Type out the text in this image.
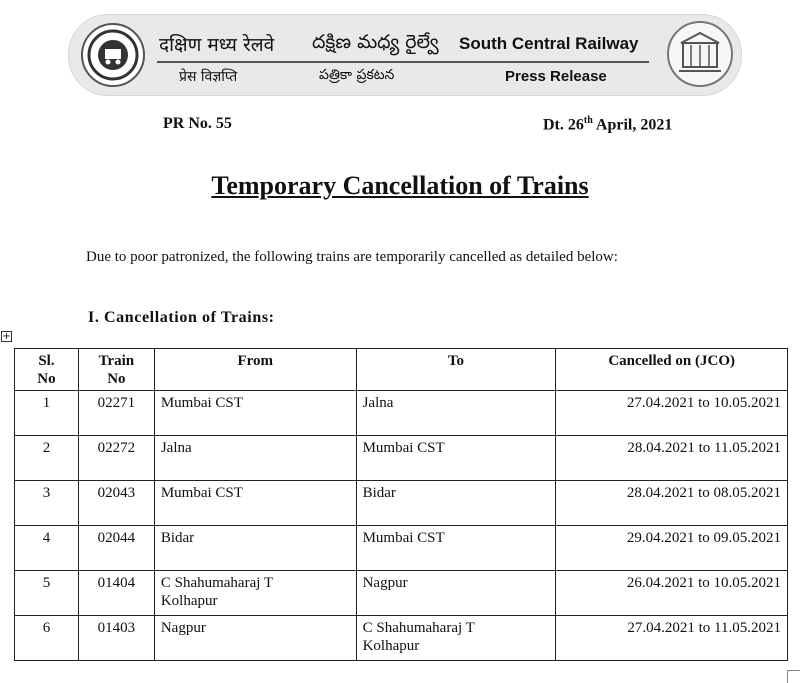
दक्षिण मध्य रेलवे దక్షిణ మధ్య రైల్వే South Central Railway
प्रेस विज्ञप्ति	పత్రికా ప్రకటన	Press Release
PR No. 55	Dt. 26th April, 2021
Temporary Cancellation of Trains
Due to poor patronized, the following trains are temporarily cancelled as detailed below:
I. Cancellation of Trains:
+
Sl.
No	Train
No	From	To	Cancelled on (JCO)
1	02271	Mumbai CST	Jalna	27.04.2021 to 10.05.2021
2	02272	Jalna	Mumbai CST	28.04.2021 to 11.05.2021
3	02043	Mumbai CST	Bidar	28.04.2021 to 08.05.2021
4	02044	Bidar	Mumbai CST	29.04.2021 to 09.05.2021
5	01404	C Shahumaharaj T
Kolhapur	Nagpur	26.04.2021 to 10.05.2021
6	01403	Nagpur	C Shahumaharaj T
Kolhapur	27.04.2021 to 11.05.2021
